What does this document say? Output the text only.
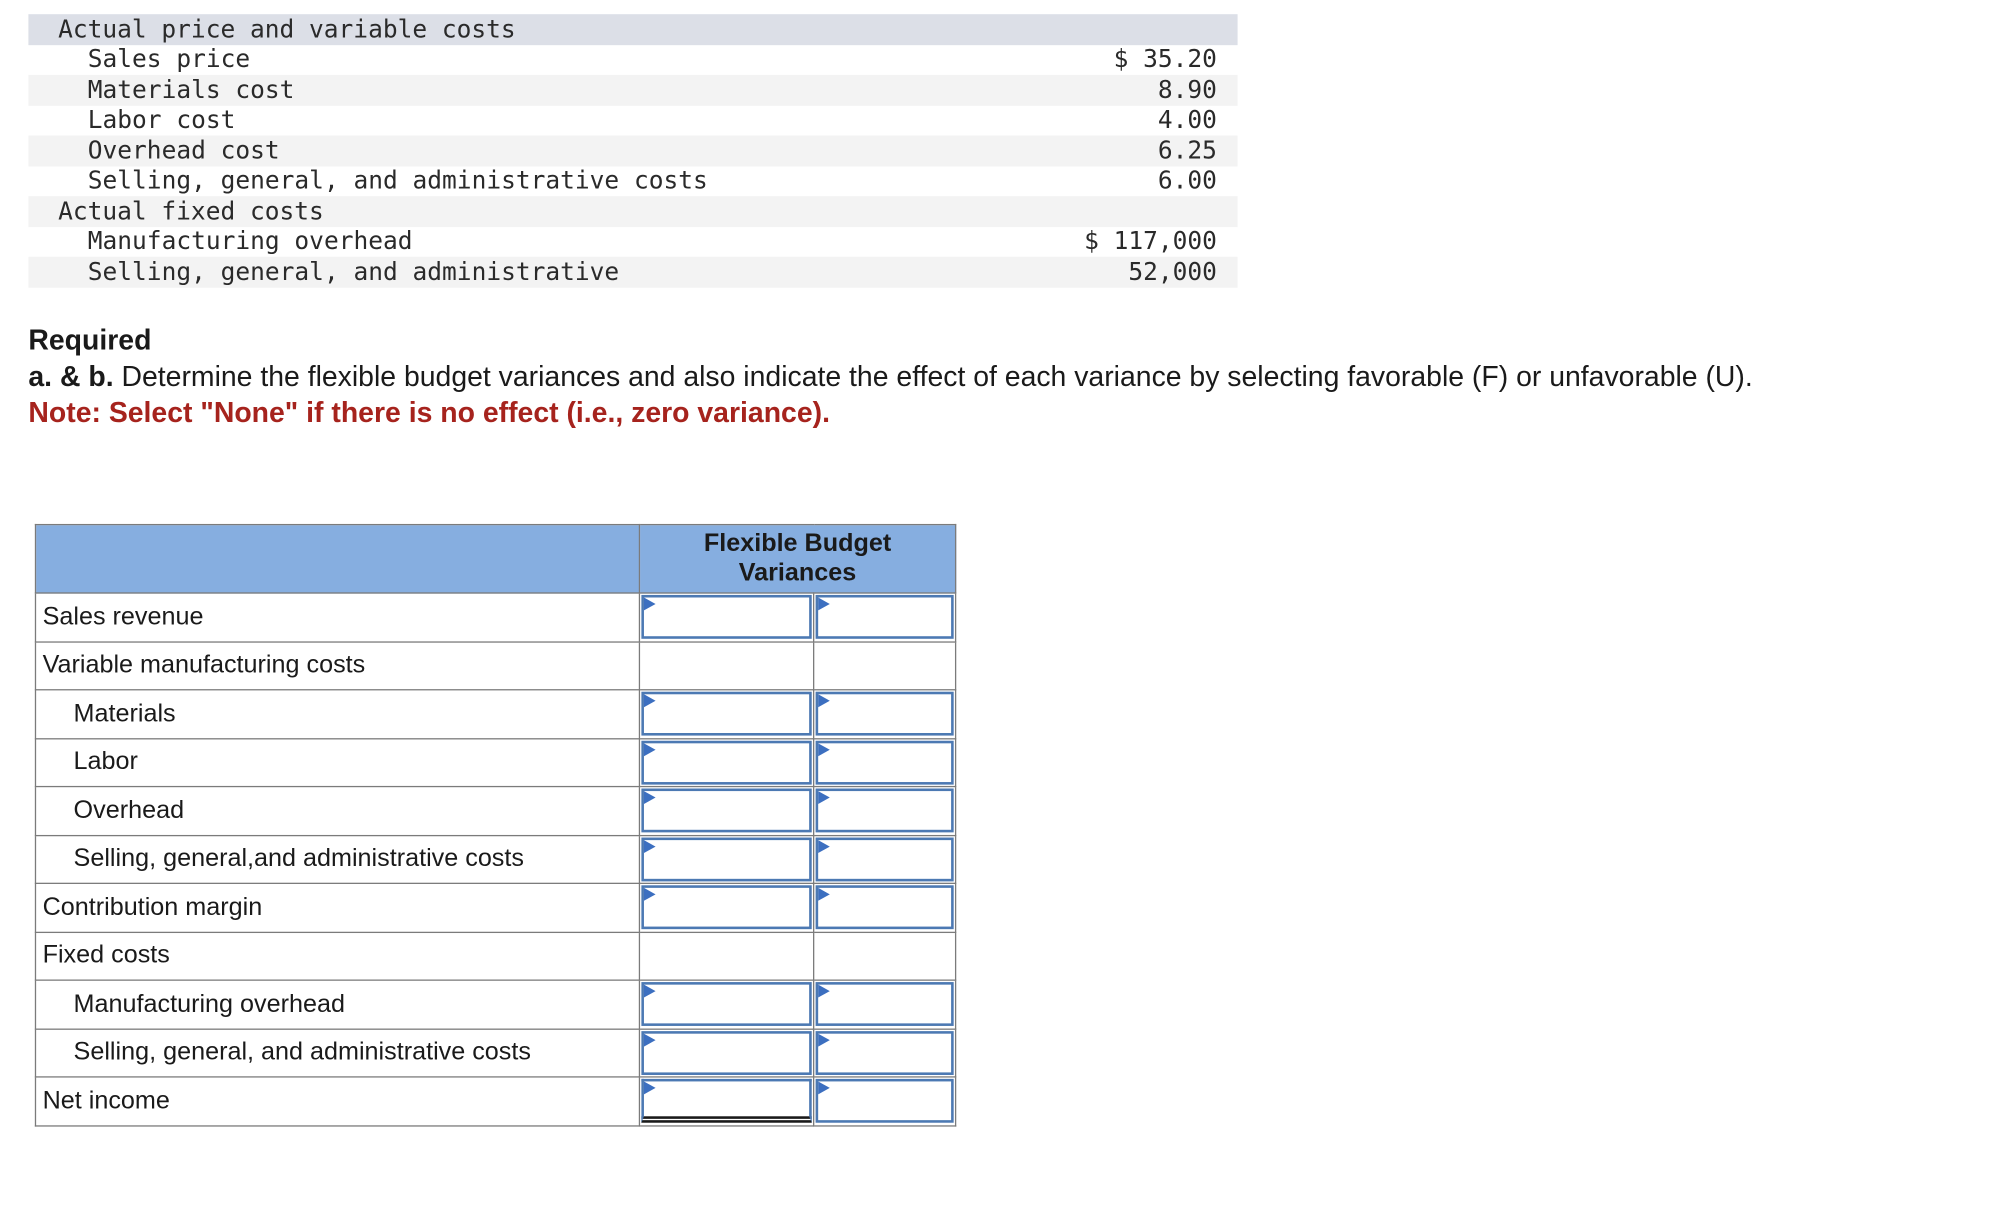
Actual price and variable costs
Sales price	$ 35.20
Materials cost	8.90
Labor cost	4.00
Overhead cost	6.25
Selling, general, and administrative costs	6.00
Actual fixed costs
Manufacturing overhead	$ 117,000
Selling, general, and administrative	52,000
Required
a. & b. Determine the flexible budget variances and also indicate the effect of each variance by selecting favorable (F) or unfavorable (U).
Note: Select "None" if there is no effect (i.e., zero variance).
	Flexible Budget
Variances	

Sales revenue		

Variable manufacturing costs		

Materials		

Labor		

Overhead		

Selling, general,and administrative costs		

Contribution margin		

Fixed costs		

Manufacturing overhead		

Selling, general, and administrative costs		

Net income		
